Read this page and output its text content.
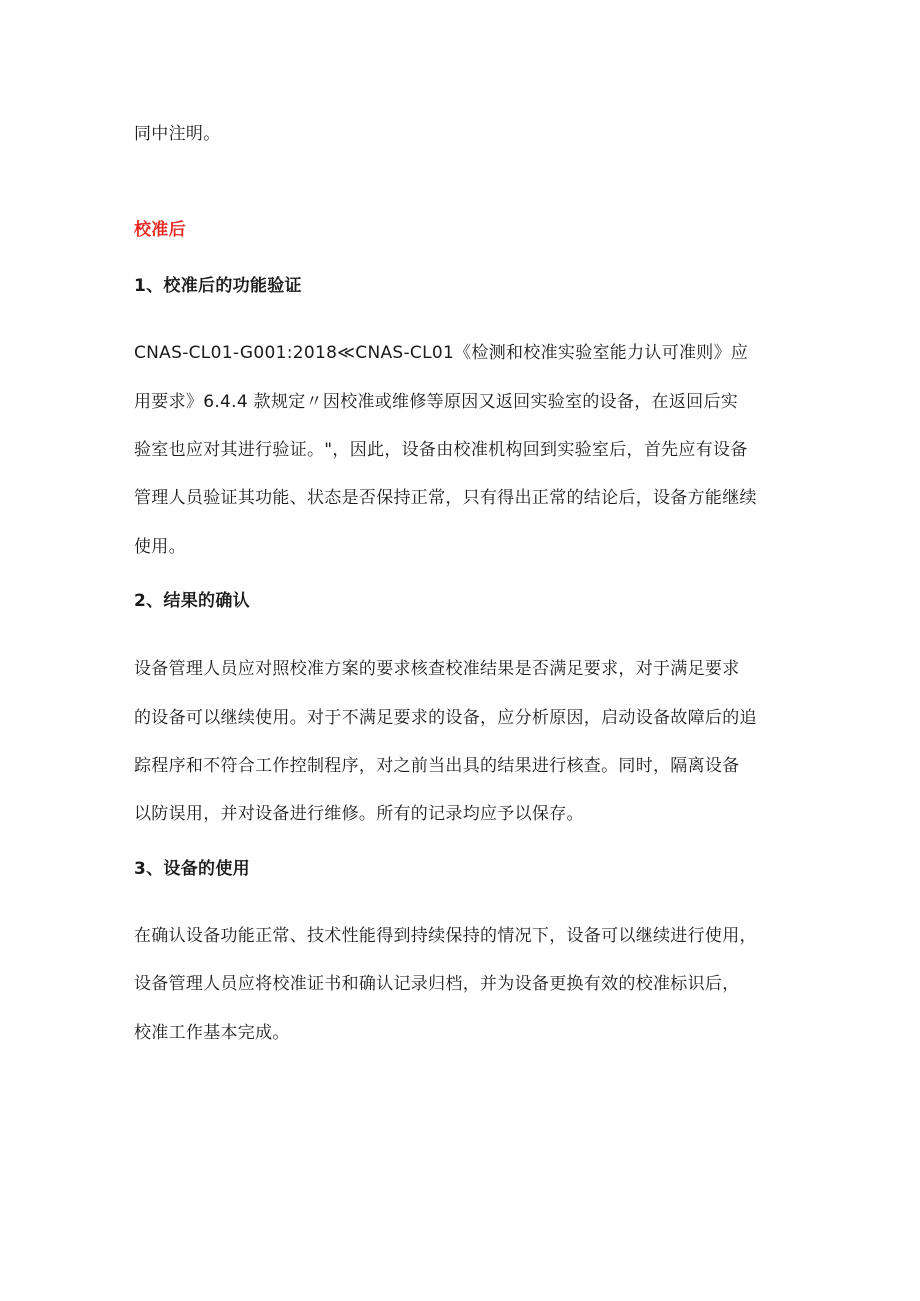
同中注明。
校准后
1、校准后的功能验证
CNAS-CL01-G001:2018≪CNAS-CL01《检测和校准实验室能力认可准则》应
用要求》6.4.4 款规定〃因校准或维修等原因又返回实验室的设备，在返回后实
验室也应对其进行验证。"，因此，设备由校准机构回到实验室后，首先应有设备
管理人员验证其功能、状态是否保持正常，只有得出正常的结论后，设备方能继续
使用。
2、结果的确认
设备管理人员应对照校准方案的要求核查校准结果是否满足要求，对于满足要求
的设备可以继续使用。对于不满足要求的设备，应分析原因，启动设备故障后的追
踪程序和不符合工作控制程序，对之前当出具的结果进行核查。同时，隔离设备
以防误用，并对设备进行维修。所有的记录均应予以保存。
3、设备的使用
在确认设备功能正常、技术性能得到持续保持的情况下，设备可以继续进行使用，
设备管理人员应将校准证书和确认记录归档，并为设备更换有效的校准标识后，
校准工作基本完成。
